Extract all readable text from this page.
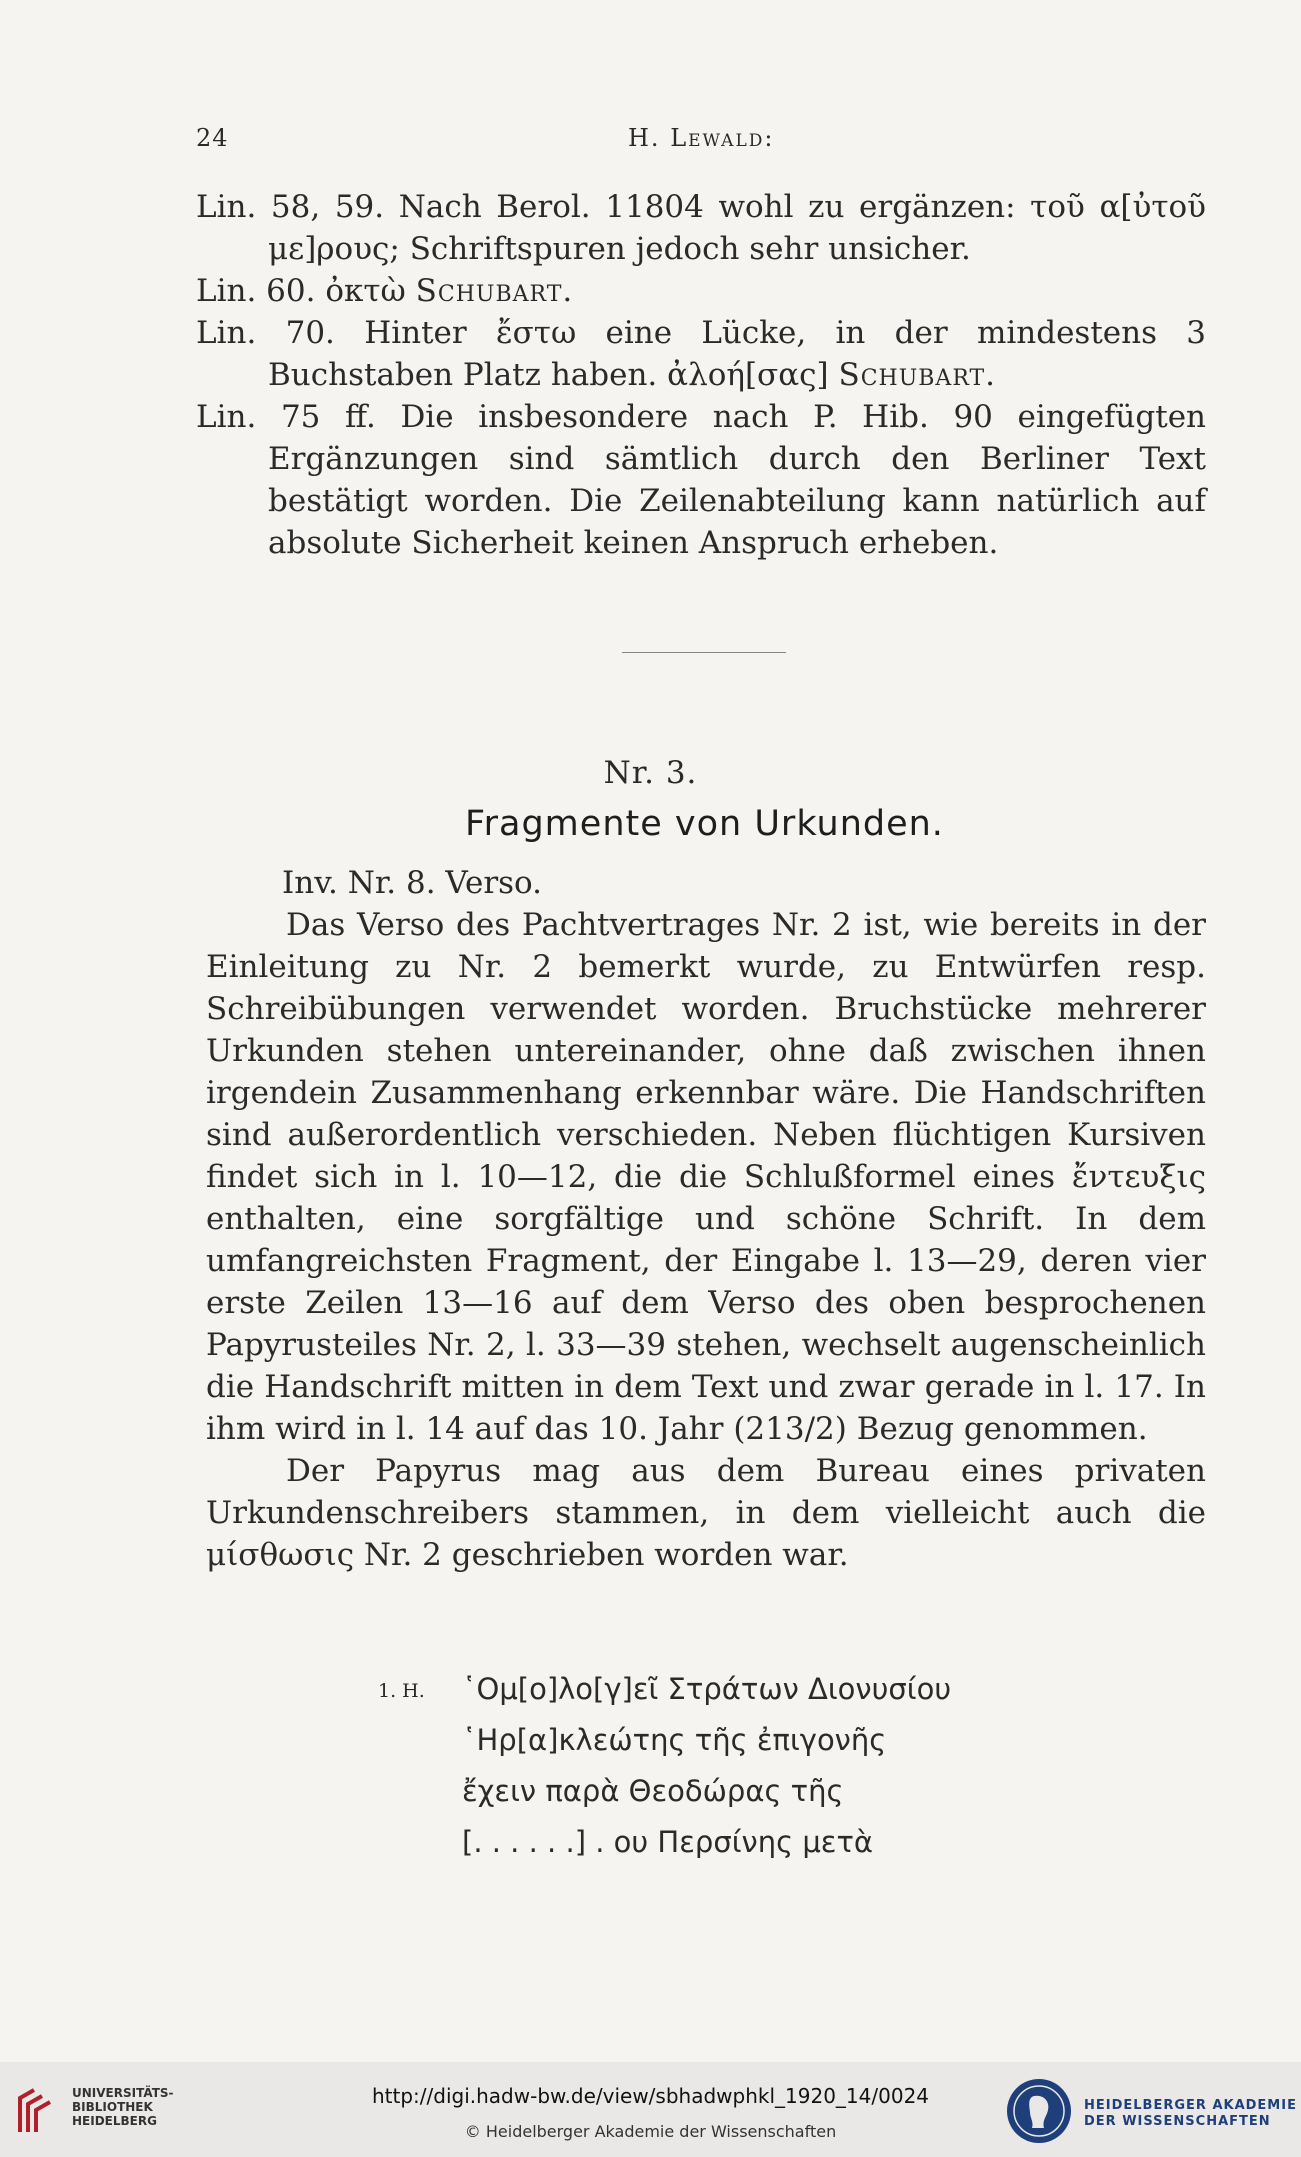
24	H. Lewald:
Lin. 58, 59. Nach Berol. 11804 wohl zu ergänzen: τοῦ α[ὐτοῦ με]ρους; Schriftspuren jedoch sehr unsicher.
Lin. 60. ὀκτὼ Schubart.
Lin. 70. Hinter ἔστω eine Lücke, in der mindestens 3 Buchstaben Platz haben. ἀλοή[σας] Schubart.
Lin. 75 ff. Die insbesondere nach P. Hib. 90 eingefügten Ergänzungen sind sämtlich durch den Berliner Text bestätigt worden. Die Zeilenabteilung kann natürlich auf absolute Sicherheit keinen Anspruch erheben.
Nr. 3.
Fragmente von Urkunden.

Inv. Nr. 8. Verso.

Das Verso des Pachtvertrages Nr. 2 ist, wie bereits in der Einleitung zu Nr. 2 bemerkt wurde, zu Entwürfen resp. Schreibübungen verwendet worden. Bruchstücke mehrerer Urkunden stehen untereinander, ohne daß zwischen ihnen irgendein Zusammenhang erkennbar wäre. Die Handschriften sind außerordentlich verschieden. Neben flüchtigen Kursiven findet sich in l. 10—12, die die Schlußformel eines ἔντευξις enthalten, eine sorgfältige und schöne Schrift. In dem umfangreichsten Fragment, der Eingabe l. 13—29, deren vier erste Zeilen 13—16 auf dem Verso des oben besprochenen Papyrusteiles Nr. 2, l. 33—39 stehen, wechselt augenscheinlich die Handschrift mitten in dem Text und zwar gerade in l. 17. In ihm wird in l. 14 auf das 10. Jahr (213/2) Bezug genommen.

Der Papyrus mag aus dem Bureau eines privaten Urkundenschreibers stammen, in dem vielleicht auch die μίσθωσις Nr. 2 geschrieben worden war.

1. H. ῾Ομ[ο]λο[γ]εῖ Στράτων Διονυσίου
῾Ηρ[α]κλεώτης τῆς ἐπιγονῆς
ἔχειν παρὰ Θεοδώρας τῆς
[. . . . . .] . ου Περσίνης μετὰ
UNIVERSITÄTS-
BIBLIOTHEK
HEIDELBERG
http://digi.hadw-bw.de/view/sbhadwphkl_1920_14/0024
© Heidelberger Akademie der Wissenschaften
HEIDELBERGER AKADEMIE
DER WISSENSCHAFTEN
